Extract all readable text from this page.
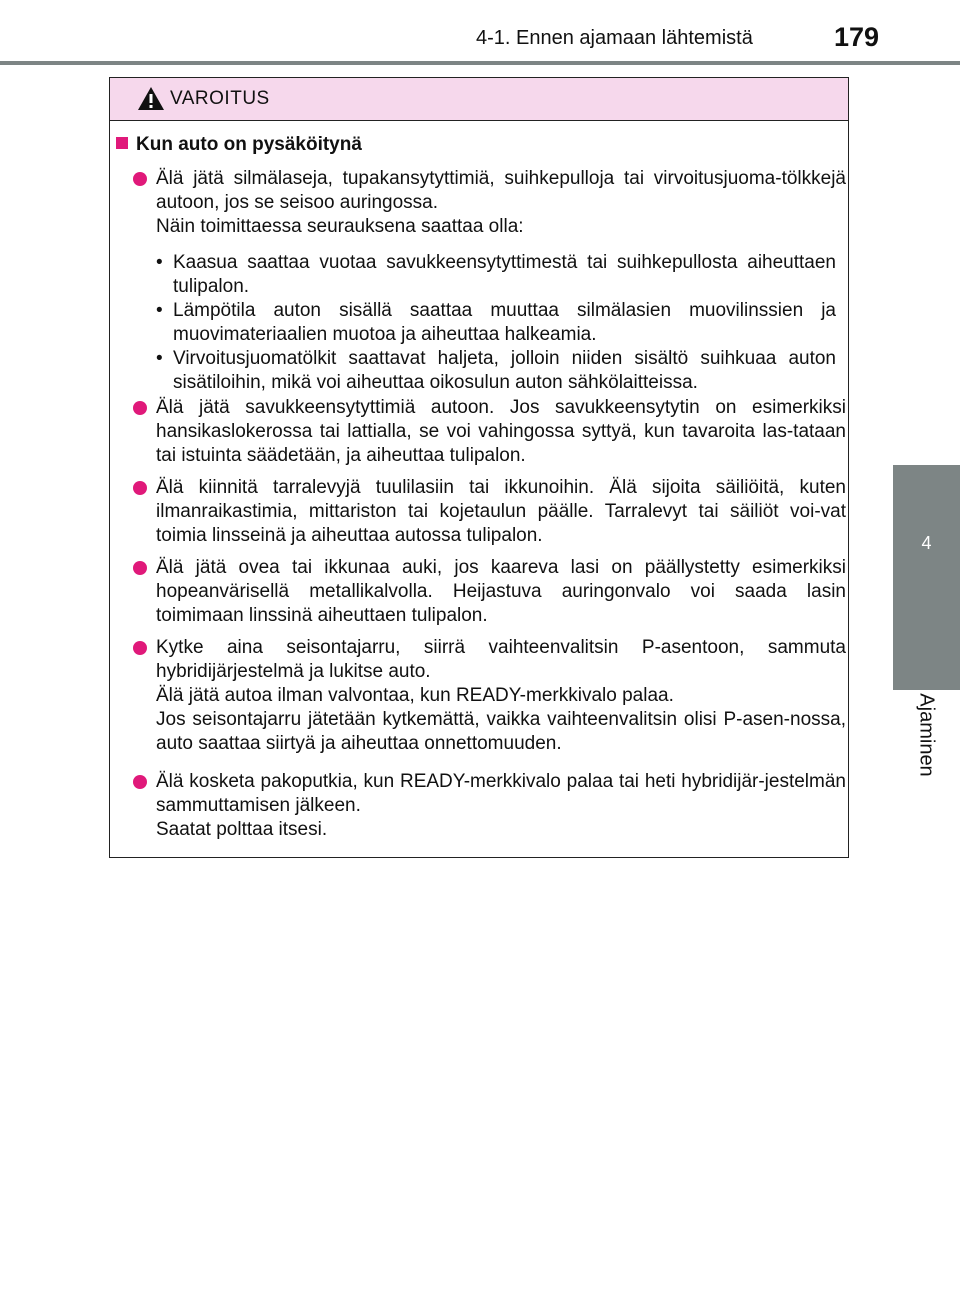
4-1. Ennen ajamaan lähtemistä	179
4
Ajaminen
VAROITUS
Kun auto on pysäköitynä

Älä jätä silmälaseja, tupakansytyttimiä, suihkepulloja tai virvoitusjuoma-tölkkejä autoon, jos se seisoo auringossa.

Näin toimittaessa seurauksena saattaa olla:

• Kaasua saattaa vuotaa savukkeensytyttimestä tai suihkepullosta aiheuttaen tulipalon.
• Lämpötila auton sisällä saattaa muuttaa silmälasien muovilinssien ja muovimateriaalien muotoa ja aiheuttaa halkeamia.
• Virvoitusjuomatölkit saattavat haljeta, jolloin niiden sisältö suihkuaa auton sisätiloihin, mikä voi aiheuttaa oikosulun auton sähkölaitteissa.

Älä jätä savukkeensytyttimiä autoon. Jos savukkeensytytin on esimerkiksi hansikaslokerossa tai lattialla, se voi vahingossa syttyä, kun tavaroita las-tataan tai istuinta säädetään, ja aiheuttaa tulipalon.

Älä kiinnitä tarralevyjä tuulilasiin tai ikkunoihin. Älä sijoita säiliöitä, kuten ilmanraikastimia, mittariston tai kojetaulun päälle. Tarralevyt tai säiliöt voi-vat toimia linsseinä ja aiheuttaa autossa tulipalon.

Älä jätä ovea tai ikkunaa auki, jos kaareva lasi on päällystetty esimerkiksi hopeanvärisellä metallikalvolla. Heijastuva auringonvalo voi saada lasin toimimaan linssinä aiheuttaen tulipalon.

Kytke aina seisontajarru, siirrä vaihteenvalitsin P-asentoon, sammuta hybridijärjestelmä ja lukitse auto.

Älä jätä autoa ilman valvontaa, kun READY-merkkivalo palaa.

Jos seisontajarru jätetään kytkemättä, vaikka vaihteenvalitsin olisi P-asen-nossa, auto saattaa siirtyä ja aiheuttaa onnettomuuden.

Älä kosketa pakoputkia, kun READY-merkkivalo palaa tai heti hybridijär-jestelmän sammuttamisen jälkeen.

Saatat polttaa itsesi.
